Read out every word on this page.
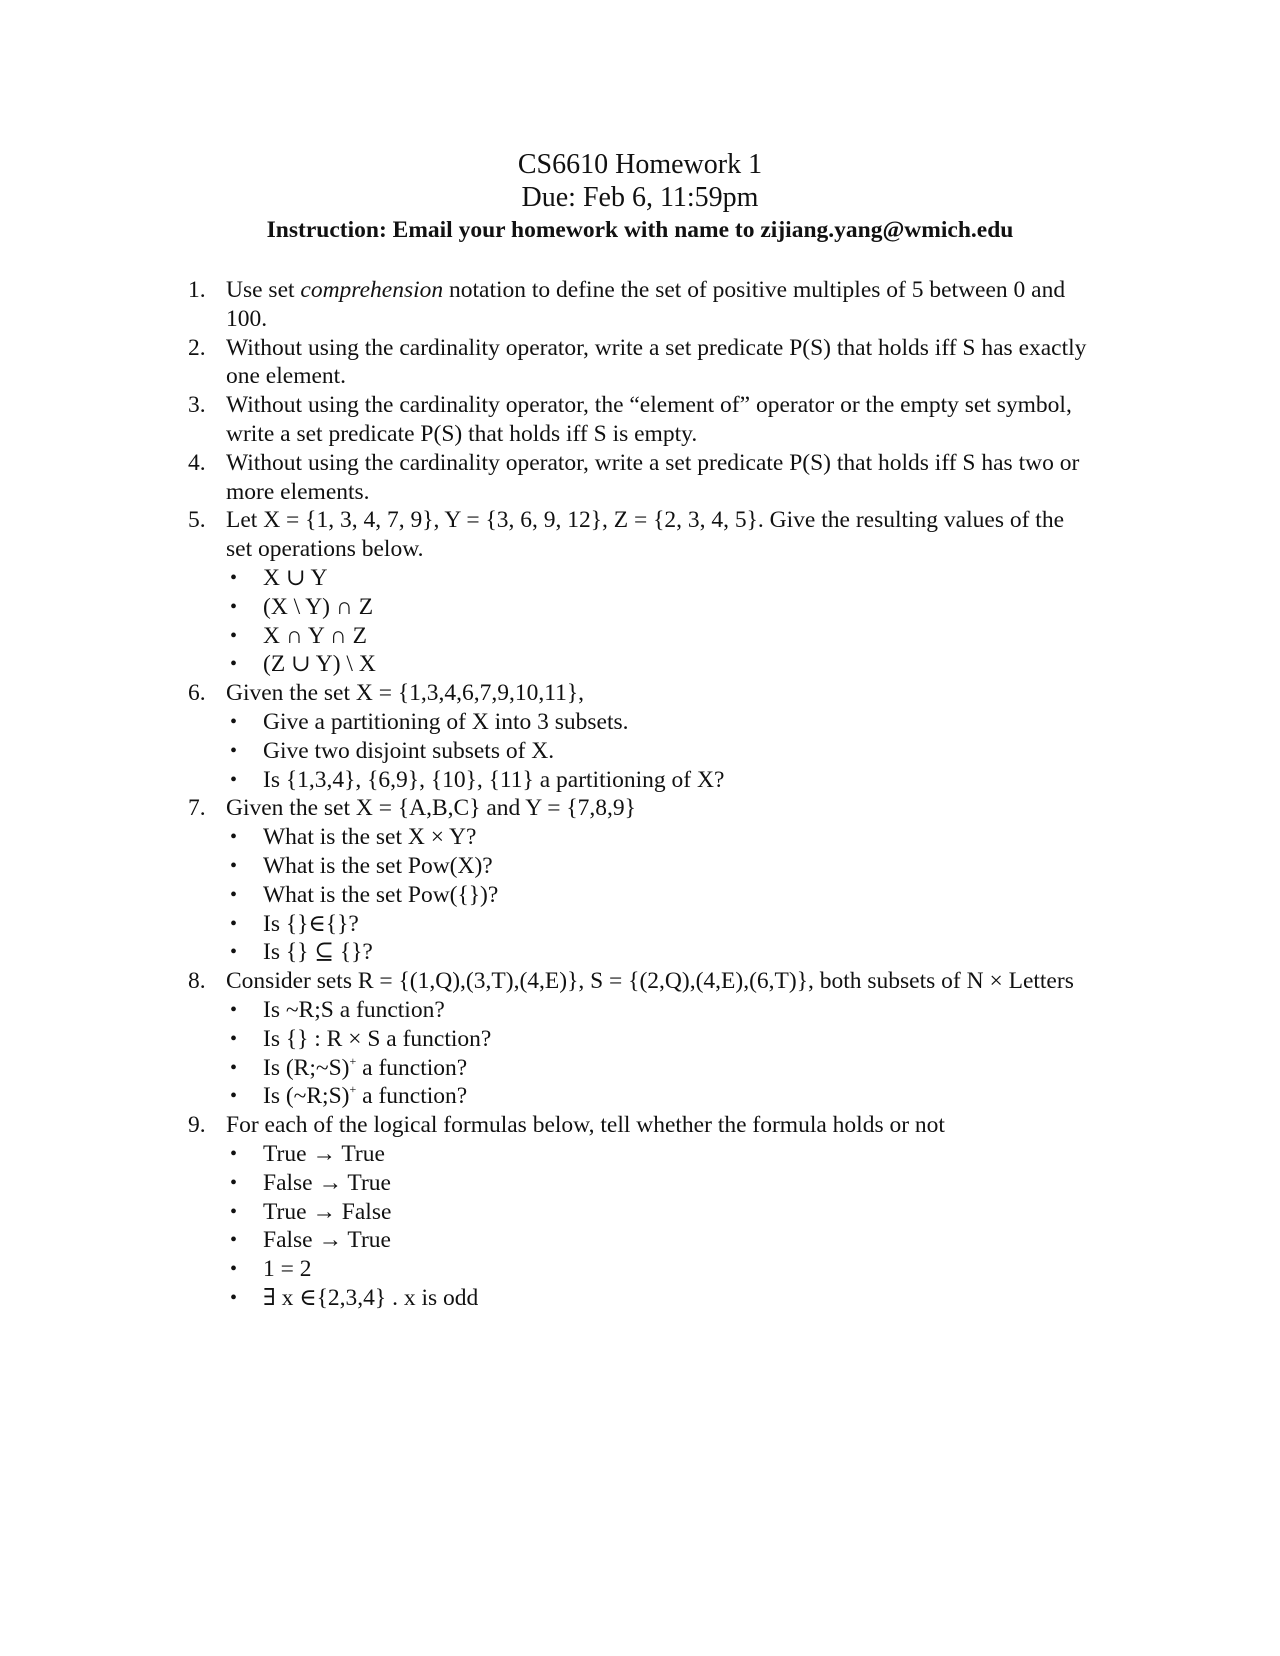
CS6610 Homework 1
Due: Feb 6, 11:59pm
Instruction: Email your homework with name to zijiang.yang@wmich.edu
1. Use set comprehension notation to define the set of positive multiples of 5 between 0 and 100.
2. Without using the cardinality operator, write a set predicate P(S) that holds iff S has exactly one element.
3. Without using the cardinality operator, the “element of” operator or the empty set symbol, write a set predicate P(S) that holds iff S is empty.
4. Without using the cardinality operator, write a set predicate P(S) that holds iff S has two or more elements.
5. Let X = {1, 3, 4, 7, 9}, Y = {3, 6, 9, 12}, Z = {2, 3, 4, 5}. Give the resulting values of the set operations below.
• X ∪ Y
• (X \ Y) ∩ Z
• X ∩ Y ∩ Z
• (Z ∪ Y) \ X
6. Given the set X = {1,3,4,6,7,9,10,11},
• Give a partitioning of X into 3 subsets.
• Give two disjoint subsets of X.
• Is {1,3,4}, {6,9}, {10}, {11} a partitioning of X?
7. Given the set X = {A,B,C} and Y = {7,8,9}
• What is the set X × Y?
• What is the set Pow(X)?
• What is the set Pow({})?
• Is {}∈{}?
• Is {} ⊆ {}?
8. Consider sets R = {(1,Q),(3,T),(4,E)}, S = {(2,Q),(4,E),(6,T)}, both subsets of N × Letters
• Is ~R;S a function?
• Is {} : R × S a function?
• Is (R;~S)+ a function?
• Is (~R;S)+ a function?
9. For each of the logical formulas below, tell whether the formula holds or not
• True → True
• False → True
• True → False
• False → True
• 1 = 2
• ∃ x ∈{2,3,4} . x is odd
